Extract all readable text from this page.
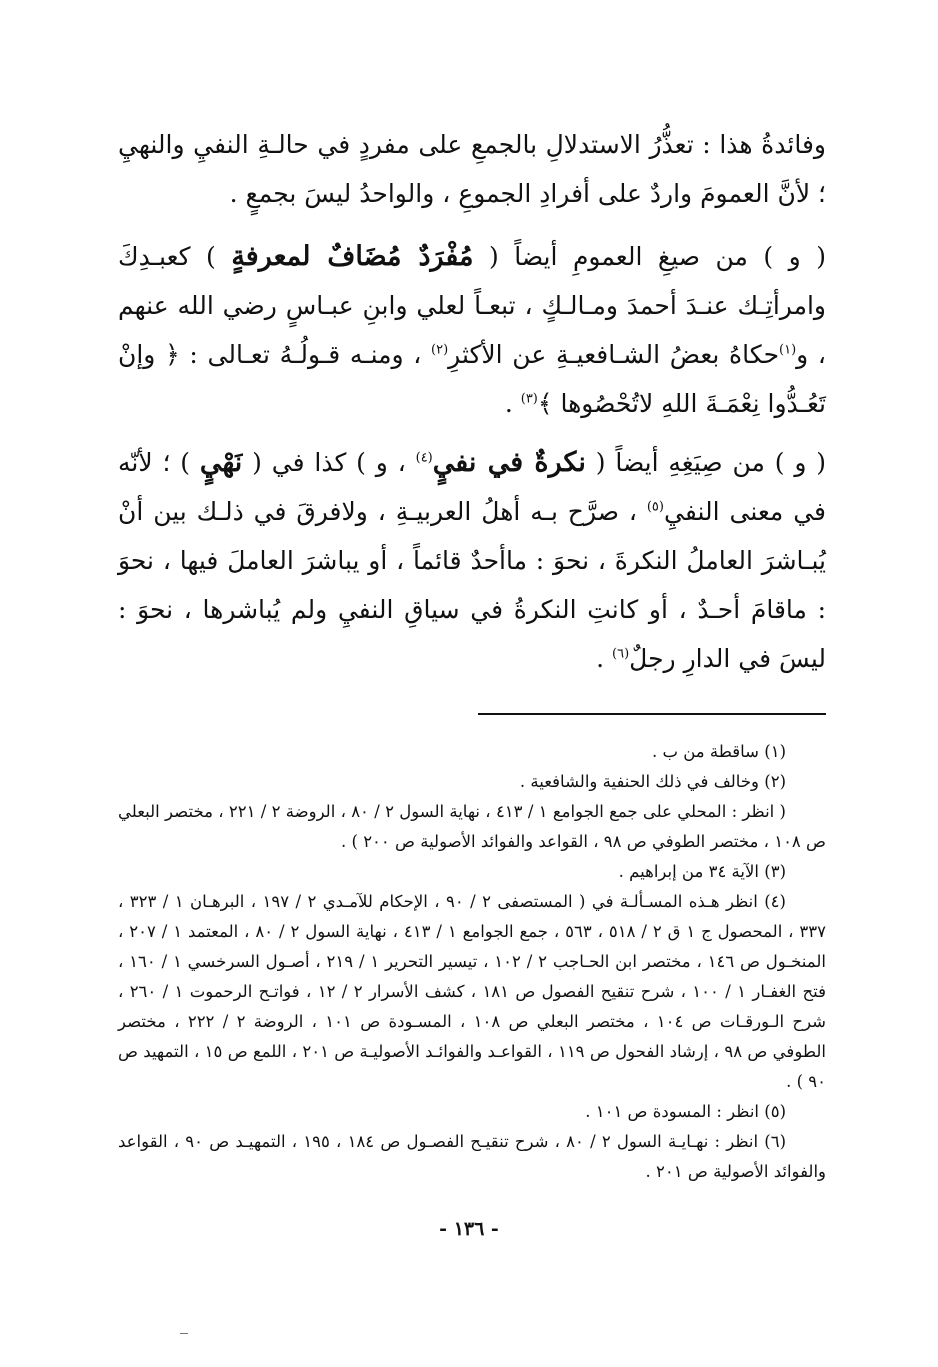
وفائدةُ هذا : تعذُّرُ الاستدلالِ بالجمعِ على مفردٍ في حالـةِ النفيِ والنهيِ ؛ لأنَّ العمومَ واردٌ على أفرادِ الجموعِ ، والواحدُ ليسَ بجمعٍ .

( و ) من صيغِ العمومِ أيضاً ( مُفْرَدٌ مُضَافٌ لمعرفةٍ ) كعبـدِكَ وامرأتِـك عنـدَ أحمدَ ومـالـكٍ ، تبعـاً لعلي وابنِ عبـاسٍ رضي الله عنهم ، و$^{(١)}$حكاهُ بعضُ الشـافعيـةِ عن الأكثرِ$^{(٢)}$ ، ومنـه قـولُـهُ تعـالى : ﴿ وإنْ تَعُـدُّوا نِعْمَـةَ اللهِ لاتُحْصُوها ﴾$^{(٣)}$ .

( و ) من صِيَغِهِ أيضاً ( نكرةٌ في نفيٍ$^{(٤)}$ ، و ) كذا في ( نَهْيٍ ) ؛ لأنّه في معنى النفيِ$^{(٥)}$ ، صرَّح بـه أهلُ العربيـةِ ، ولافرقَ في ذلـك بين أنْ يُبـاشرَ العاملُ النكرةَ ، نحوَ : ماأحدٌ قائماً ، أو يباشرَ العاملَ فيها ، نحوَ : ماقامَ أحـدٌ ، أو كانتِ النكرةُ في سياقِ النفيِ ولم يُباشرها ، نحوَ : ليسَ في الدارِ رجلٌ$^{(٦)}$ .

(١) ساقطة من ب .

(٢) وخالف في ذلك الحنفية والشافعية .

( انظر : المحلي على جمع الجوامع ١ / ٤١٣ ، نهاية السول ٢ / ٨٠ ، الروضة ٢ / ٢٢١ ، مختصر البعلي ص ١٠٨ ، مختصر الطوفي ص ٩٨ ، القواعد والفوائد الأصولية ص ٢٠٠ ) .

(٣) الآية ٣٤ من إبراهيم .

(٤) انظر هـذه المسـألـة في ( المستصفى ٢ / ٩٠ ، الإحكام للآمـدي ٢ / ١٩٧ ، البرهـان ١ / ٣٢٣ ، ٣٣٧ ، المحصول ج ١ ق ٢ / ٥١٨ ، ٥٦٣ ، جمع الجوامع ١ / ٤١٣ ، نهاية السول ٢ / ٨٠ ، المعتمد ١ / ٢٠٧ ، المنخـول ص ١٤٦ ، مختصر ابن الحـاجب ٢ / ١٠٢ ، تيسير التحرير ١ / ٢١٩ ، أصـول السرخسي ١ / ١٦٠ ، فتح الغفـار ١ / ١٠٠ ، شرح تنقيح الفصول ص ١٨١ ، كشف الأسرار ٢ / ١٢ ، فواتـح الرحموت ١ / ٢٦٠ ، شرح الـورقـات ص ١٠٤ ، مختصر البعلي ص ١٠٨ ، المسـودة ص ١٠١ ، الروضة ٢ / ٢٢٢ ، مختصر الطوفي ص ٩٨ ، إرشاد الفحول ص ١١٩ ، القواعـد والفوائـد الأصوليـة ص ٢٠١ ، اللمع ص ١٥ ، التمهيد ص ٩٠ ) .

(٥) انظر : المسودة ص ١٠١ .

(٦) انظر : نهـايـة السول ٢ / ٨٠ ، شرح تنقيـح الفصـول ص ١٨٤ ، ١٩٥ ، التمهيـد ص ٩٠ ، القواعد والفوائد الأصولية ص ٢٠١ .

- ١٣٦ -
